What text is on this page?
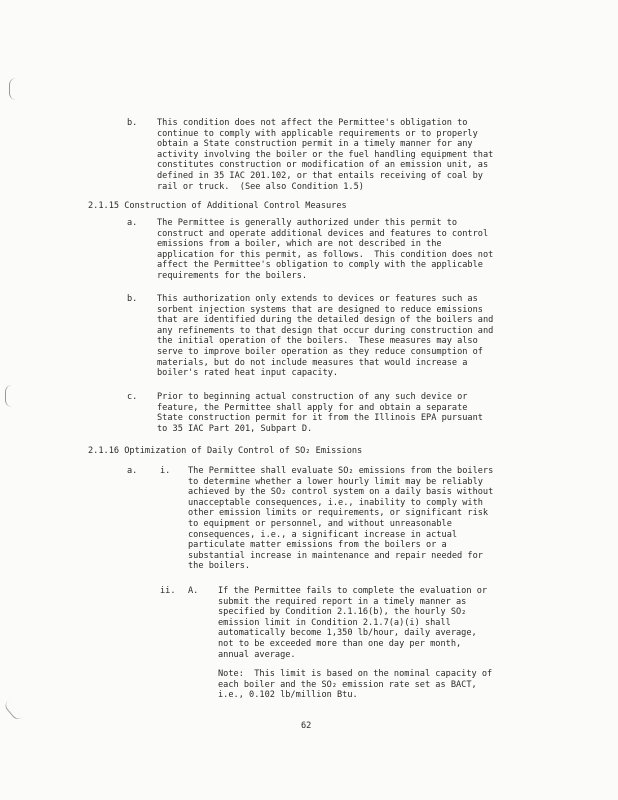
b. This condition does not affect the Permittee's obligation to
continue to comply with applicable requirements or to properly
obtain a State construction permit in a timely manner for any
activity involving the boiler or the fuel handling equipment that
constitutes construction or modification of an emission unit, as
defined in 35 IAC 201.102, or that entails receiving of coal by
rail or truck.  (See also Condition 1.5)
2.1.15 Construction of Additional Control Measures
a. The Permittee is generally authorized under this permit to
construct and operate additional devices and features to control
emissions from a boiler, which are not described in the
application for this permit, as follows.  This condition does not
affect the Permittee's obligation to comply with the applicable
requirements for the boilers.
b. This authorization only extends to devices or features such as
sorbent injection systems that are designed to reduce emissions
that are identified during the detailed design of the boilers and
any refinements to that design that occur during construction and
the initial operation of the boilers.  These measures may also
serve to improve boiler operation as they reduce consumption of
materials, but do not include measures that would increase a
boiler's rated heat input capacity.
c. Prior to beginning actual construction of any such device or
feature, the Permittee shall apply for and obtain a separate
State construction permit for it from the Illinois EPA pursuant
to 35 IAC Part 201, Subpart D.
2.1.16 Optimization of Daily Control of SO₂ Emissions
a.	i. The Permittee shall evaluate SO₂ emissions from the boilers
to determine whether a lower hourly limit may be reliably
achieved by the SO₂ control system on a daily basis without
unacceptable consequences, i.e., inability to comply with
other emission limits or requirements, or significant risk
to equipment or personnel, and without unreasonable
consequences, i.e., a significant increase in actual
particulate matter emissions from the boilers or a
substantial increase in maintenance and repair needed for
the boilers.
ii. A. If the Permittee fails to complete the evaluation or
submit the required report in a timely manner as
specified by Condition 2.1.16(b), the hourly SO₂
emission limit in Condition 2.1.7(a)(i) shall
automatically become 1,350 lb/hour, daily average,
not to be exceeded more than one day per month,
annual average.
Note:  This limit is based on the nominal capacity of
each boiler and the SO₂ emission rate set as BACT,
i.e., 0.102 lb/million Btu.
62
